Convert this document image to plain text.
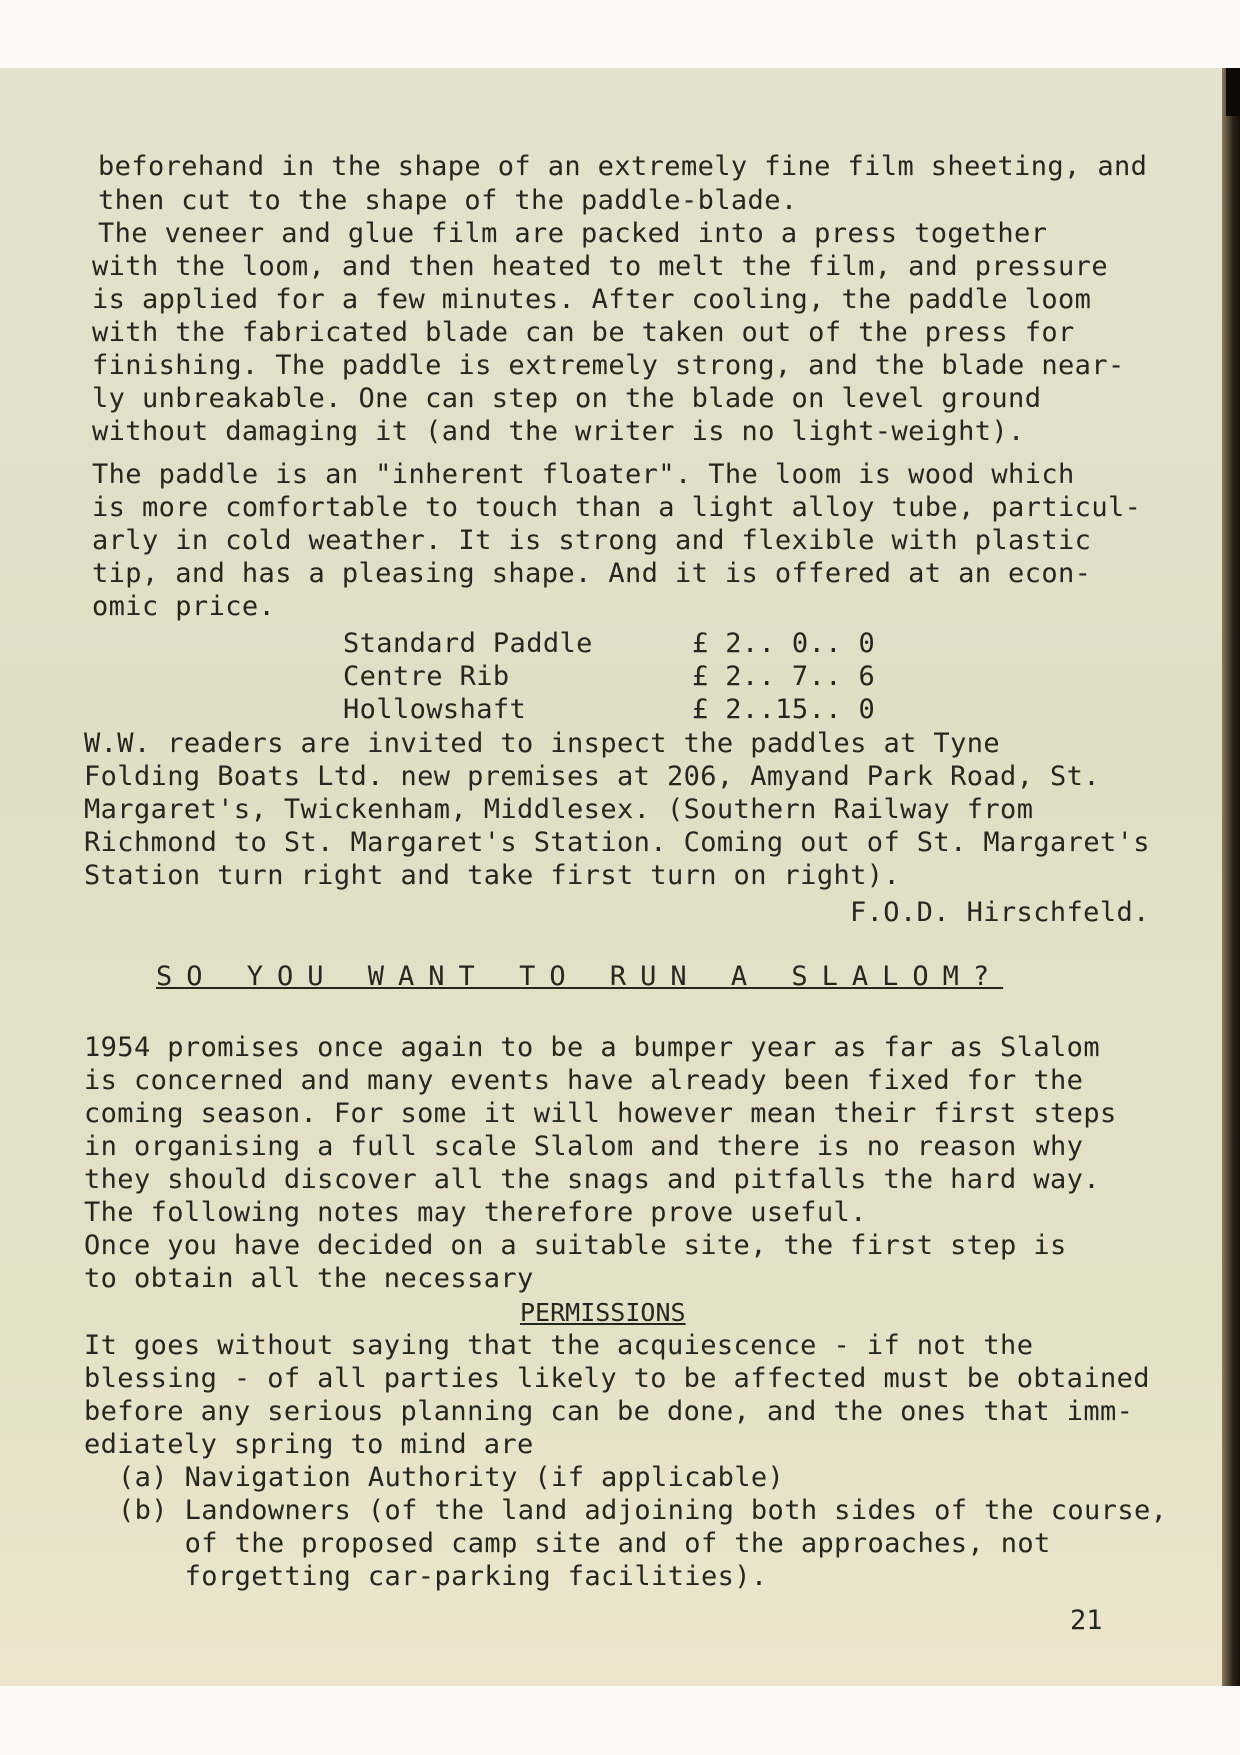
beforehand in the shape of an extremely fine film sheeting, and
then cut to the shape of the paddle-blade.
The veneer and glue film are packed into a press together
with the loom, and then heated to melt the film, and pressure
is applied for a few minutes. After cooling, the paddle loom
with the fabricated blade can be taken out of the press for
finishing. The paddle is extremely strong, and the blade near-
ly unbreakable. One can step on the blade on level ground
without damaging it (and the writer is no light-weight).
The paddle is an "inherent floater". The loom is wood which
is more comfortable to touch than a light alloy tube, particul-
arly in cold weather. It is strong and flexible with plastic
tip, and has a pleasing shape. And it is offered at an econ-
omic price.
Standard Paddle	£ 2.. 0.. 0
Centre Rib	£ 2.. 7.. 6
Hollowshaft	£ 2..15.. 0
W.W. readers are invited to inspect the paddles at Tyne
Folding Boats Ltd. new premises at 206, Amyand Park Road, St.
Margaret's, Twickenham, Middlesex. (Southern Railway from
Richmond to St. Margaret's Station. Coming out of St. Margaret's
Station turn right and take first turn on right).
F.O.D. Hirschfeld.
1954 promises once again to be a bumper year as far as Slalom
is concerned and many events have already been fixed for the
coming season. For some it will however mean their first steps
in organising a full scale Slalom and there is no reason why
they should discover all the snags and pitfalls the hard way.
The following notes may therefore prove useful.
Once you have decided on a suitable site, the first step is
to obtain all the necessary
It goes without saying that the acquiescence - if not the
blessing - of all parties likely to be affected must be obtained
before any serious planning can be done, and the ones that imm-
ediately spring to mind are
(a) Navigation Authority (if applicable)
(b) Landowners (of the land adjoining both sides of the course,
of the proposed camp site and of the approaches, not
forgetting car-parking facilities).
SO YOU WANT TO RUN A SLALOM?
PERMISSIONS
21
